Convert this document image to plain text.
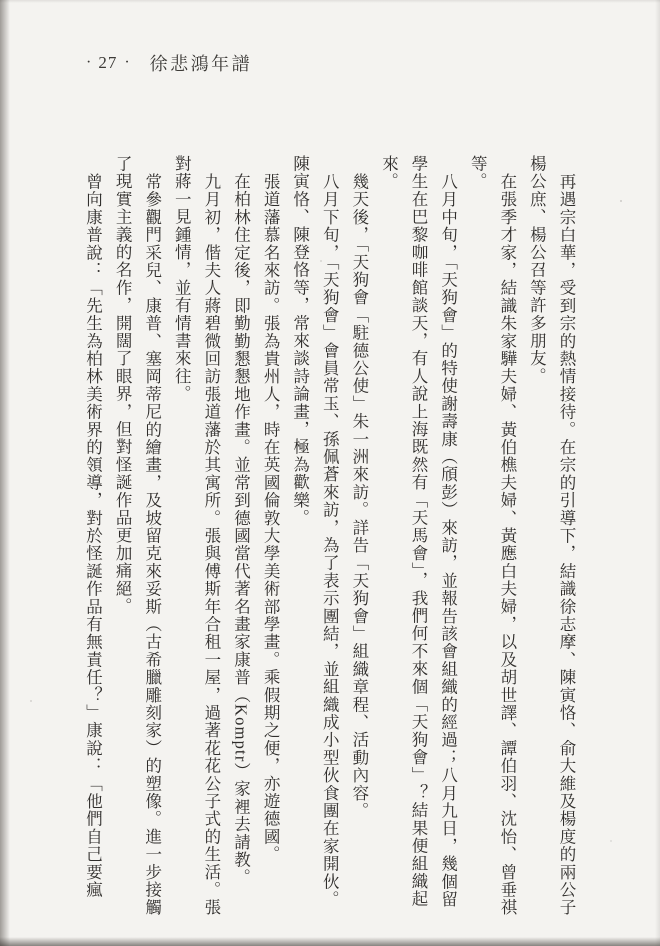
· 27 · 徐悲鴻年譜
再遇宗白華，受到宗的熱情接待。在宗的引導下，結識徐志摩、陳寅恪、俞大維及楊度的兩公子
楊公庶、楊公召等許多朋友。
在張季才家，結識朱家驊夫婦、黃伯樵夫婦、黃應白夫婦，以及胡世譯、譚伯羽、沈怡、曾垂祺
等。
八月中旬，「天狗會」的特使謝壽康（頎彭）來訪，並報告該會組織的經過；八月九日，幾個留
學生在巴黎咖啡館談天，有人說上海既然有「天馬會」，我們何不來個「天狗會」？結果便組織起
來。
幾天後，「天狗會「駐德公使」朱一洲來訪。詳告「天狗會」組織章程、活動內容。
八月下旬，「天狗會」會員常玉、孫佩蒼來訪，為了表示團結，並組織成小型伙食團在家開伙。
陳寅恪、陳登恪等，常來談詩論畫，極為歡樂。
張道藩慕名來訪。張為貴州人，時在英國倫敦大學美術部學畫。乘假期之便，亦遊德國。
在柏林住定後，即勤勤懇懇地作畫。並常到德國當代著名畫家康普（Komptr）家裡去請教。
九月初，偕夫人蔣碧微回訪張道藩於其寓所。張與傅斯年合租一屋，過著花花公子式的生活。張
對蔣一見鍾情，並有情書來往。
常參觀門采兒、康普、塞岡蒂尼的繪畫，及坡留克來妥斯（古希臘雕刻家）的塑像。進一步接觸
了現實主義的名作，開闊了眼界，但對怪誕作品更加痛絕。
曾向康普說：「先生為柏林美術界的領導，對於怪誕作品有無責任？」康說：「他們自己要瘋
